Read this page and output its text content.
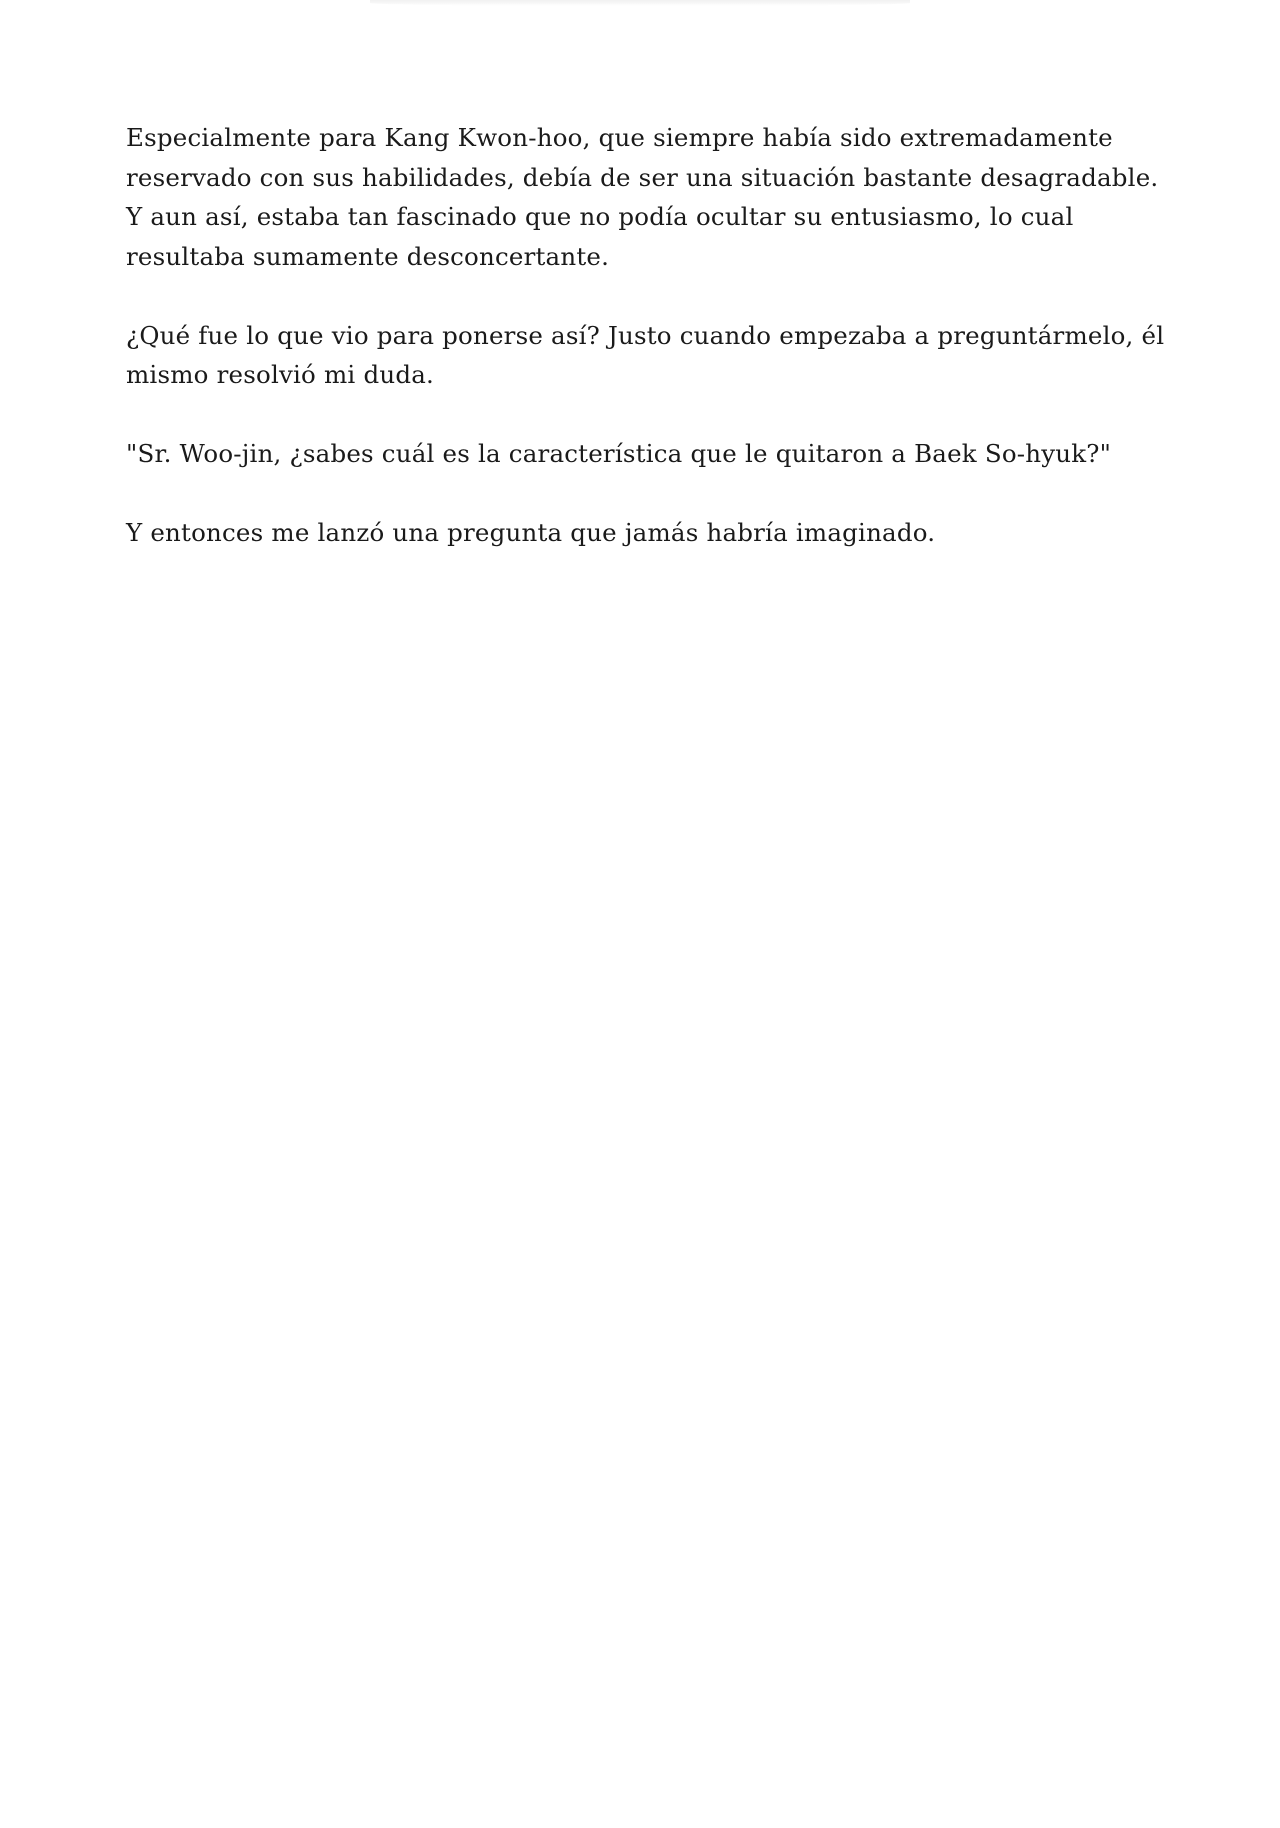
Especialmente para Kang Kwon-hoo, que siempre había sido extremadamente reservado con sus habilidades, debía de ser una situación bastante desagradable. Y aun así, estaba tan fascinado que no podía ocultar su entusiasmo, lo cual resultaba sumamente desconcertante.

¿Qué fue lo que vio para ponerse así? Justo cuando empezaba a preguntármelo, él mismo resolvió mi duda.

"Sr. Woo-jin, ¿sabes cuál es la característica que le quitaron a Baek So-hyuk?"

Y entonces me lanzó una pregunta que jamás habría imaginado.
